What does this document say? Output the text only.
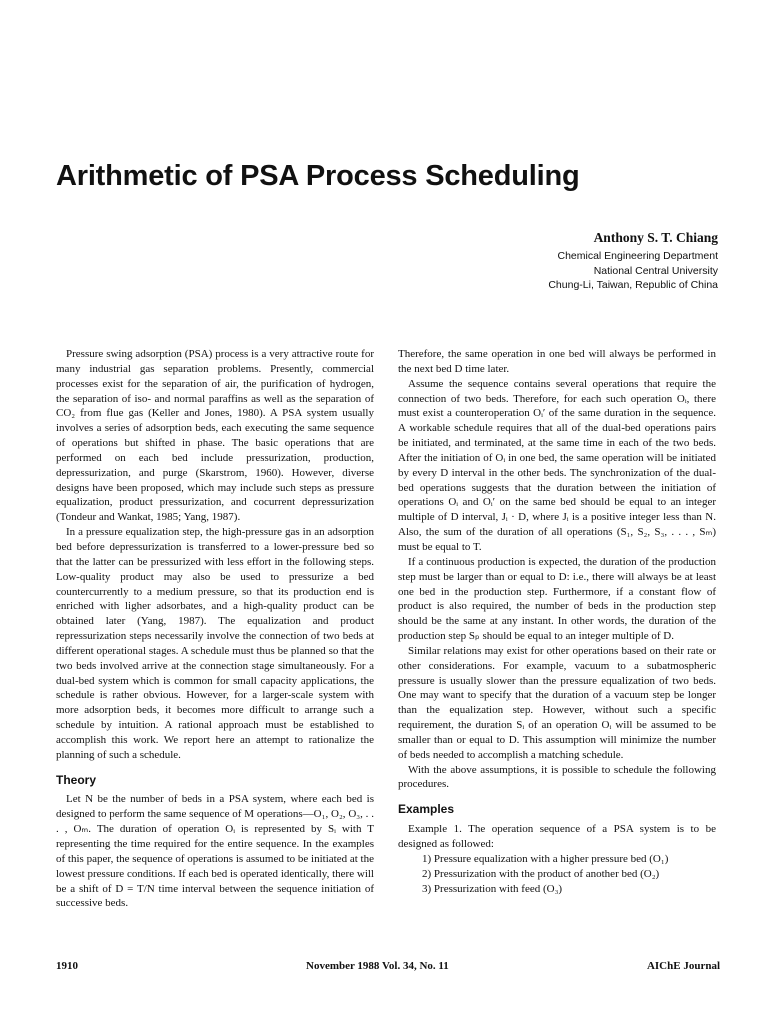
Arithmetic of PSA Process Scheduling
Anthony S. T. Chiang
Chemical Engineering Department
National Central University
Chung-Li, Taiwan, Republic of China

Pressure swing adsorption (PSA) process is a very attractive route for many industrial gas separation problems. Presently, commercial processes exist for the separation of air, the purification of hydrogen, the separation of iso- and normal paraffins as well as the separation of CO₂ from flue gas (Keller and Jones, 1980). A PSA system usually involves a series of adsorption beds, each executing the same sequence of operations but shifted in phase. The basic operations that are performed on each bed include pressurization, production, depressurization, and purge (Skarstrom, 1960). However, diverse designs have been proposed, which may include such steps as pressure equalization, product pressurization, and cocurrent depressurization (Tondeur and Wankat, 1985; Yang, 1987).

In a pressure equalization step, the high-pressure gas in an adsorption bed before depressurization is transferred to a lower-pressure bed so that the latter can be pressurized with less effort in the following steps. Low-quality product may also be used to pressurize a bed countercurrently to a medium pressure, so that its production end is enriched with ligher adsorbates, and a high-quality product can be obtained later (Yang, 1987). The equalization and product repressurization steps necessarily involve the connection of two beds at different operational stages. A schedule must thus be planned so that the two beds involved arrive at the connection stage simultaneously. For a dual-bed system which is common for small capacity applications, the schedule is rather obvious. However, for a larger-scale system with more adsorption beds, it becomes more difficult to arrange such a schedule by intuition. A rational approach must be established to accomplish this work. We report here an attempt to rationalize the planning of such a schedule.

Theory

Let N be the number of beds in a PSA system, where each bed is designed to perform the same sequence of M operations—O₁, O₂, O₃, . . . , Oₘ. The duration of operation Oᵢ is represented by Sᵢ with T representing the time required for the entire sequence. In the examples of this paper, the sequence of operations is assumed to be initiated at the lowest pressure conditions. If each bed is operated identically, there will be a shift of D = T/N time interval between the sequence initiation of successive beds.

Therefore, the same operation in one bed will always be performed in the next bed D time later.

Assume the sequence contains several operations that require the connection of two beds. Therefore, for each such operation Oᵢ, there must exist a counteroperation Oᵢ′ of the same duration in the sequence. A workable schedule requires that all of the dual-bed operations pairs be initiated, and terminated, at the same time in each of the two beds. After the initiation of Oᵢ in one bed, the same operation will be initiated by every D interval in the other beds. The synchronization of the dual-bed operations suggests that the duration between the initiation of operations Oᵢ and Oᵢ′ on the same bed should be equal to an integer multiple of D interval, Jᵢ · D, where Jᵢ is a positive integer less than N. Also, the sum of the duration of all operations (S₁, S₂, S₃, . . . , Sₘ) must be equal to T.

If a continuous production is expected, the duration of the production step must be larger than or equal to D: i.e., there will always be at least one bed in the production step. Furthermore, if a constant flow of product is also required, the number of beds in the production step should be the same at any instant. In other words, the duration of the production step Sₚ should be equal to an integer multiple of D.

Similar relations may exist for other operations based on their rate or other considerations. For example, vacuum to a subatmospheric pressure is usually slower than the pressure equalization of two beds. One may want to specify that the duration of a vacuum step be longer than the equalization step. However, without such a specific requirement, the duration Sᵢ of an operation Oᵢ will be assumed to be smaller than or equal to D. This assumption will minimize the number of beds needed to accomplish a matching schedule.

With the above assumptions, it is possible to schedule the following procedures.

Examples

Example 1. The operation sequence of a PSA system is to be designed as followed:

1) Pressure equalization with a higher pressure bed (O₁)

2) Pressurization with the product of another bed (O₂)

3) Pressurization with feed (O₃)

1910	November 1988 Vol. 34, No. 11	AIChE Journal
